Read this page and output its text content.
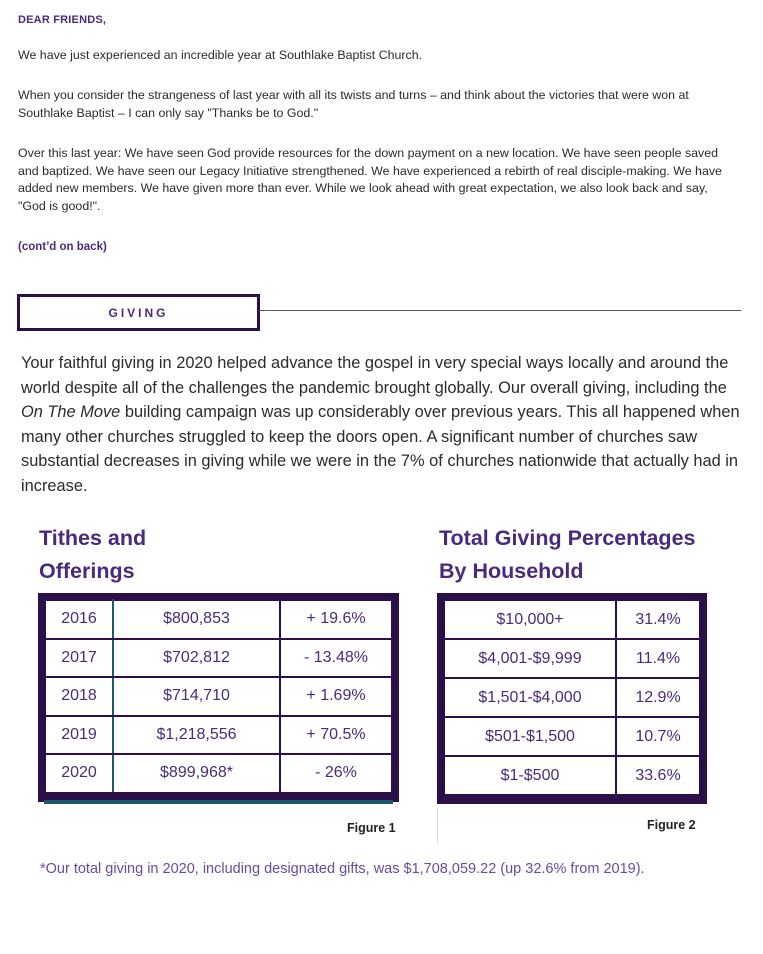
DEAR FRIENDS,
We have just experienced an incredible year at Southlake Baptist Church.
When you consider the strangeness of last year with all its twists and turns – and think about the victories that were won at Southlake Baptist – I can only say "Thanks be to God."
Over this last year: We have seen God provide resources for the down payment on a new location. We have seen people saved and baptized. We have seen our Legacy Initiative strengthened. We have experienced a rebirth of real disciple-making. We have added new members. We have given more than ever. While we look ahead with great expectation, we also look back and say, "God is good!".
(cont’d on back)
GIVING
Your faithful giving in 2020 helped advance the gospel in very special ways locally and around the world despite all of the challenges the pandemic brought globally. Our overall giving, including the On The Move building campaign was up considerably over previous years. This all happened when many other churches struggled to keep the doors open. A significant number of churches saw substantial decreases in giving while we were in the 7% of churches nationwide that actually had in increase.
Tithes and
Offerings
Total Giving Percentages
By Household
2016	$800,853	+ 19.6%
2017	$702,812	- 13.48%
2018	$714,710	+ 1.69%
2019	$1,218,556	+ 70.5%
2020	$899,968*	- 26%
$10,000+	31.4%
$4,001-$9,999	11.4%
$1,501-$4,000	12.9%
$501-$1,500	10.7%
$1-$500	33.6%
Figure 1	Figure 2
*Our total giving in 2020, including designated gifts, was $1,708,059.22 (up 32.6% from 2019).
